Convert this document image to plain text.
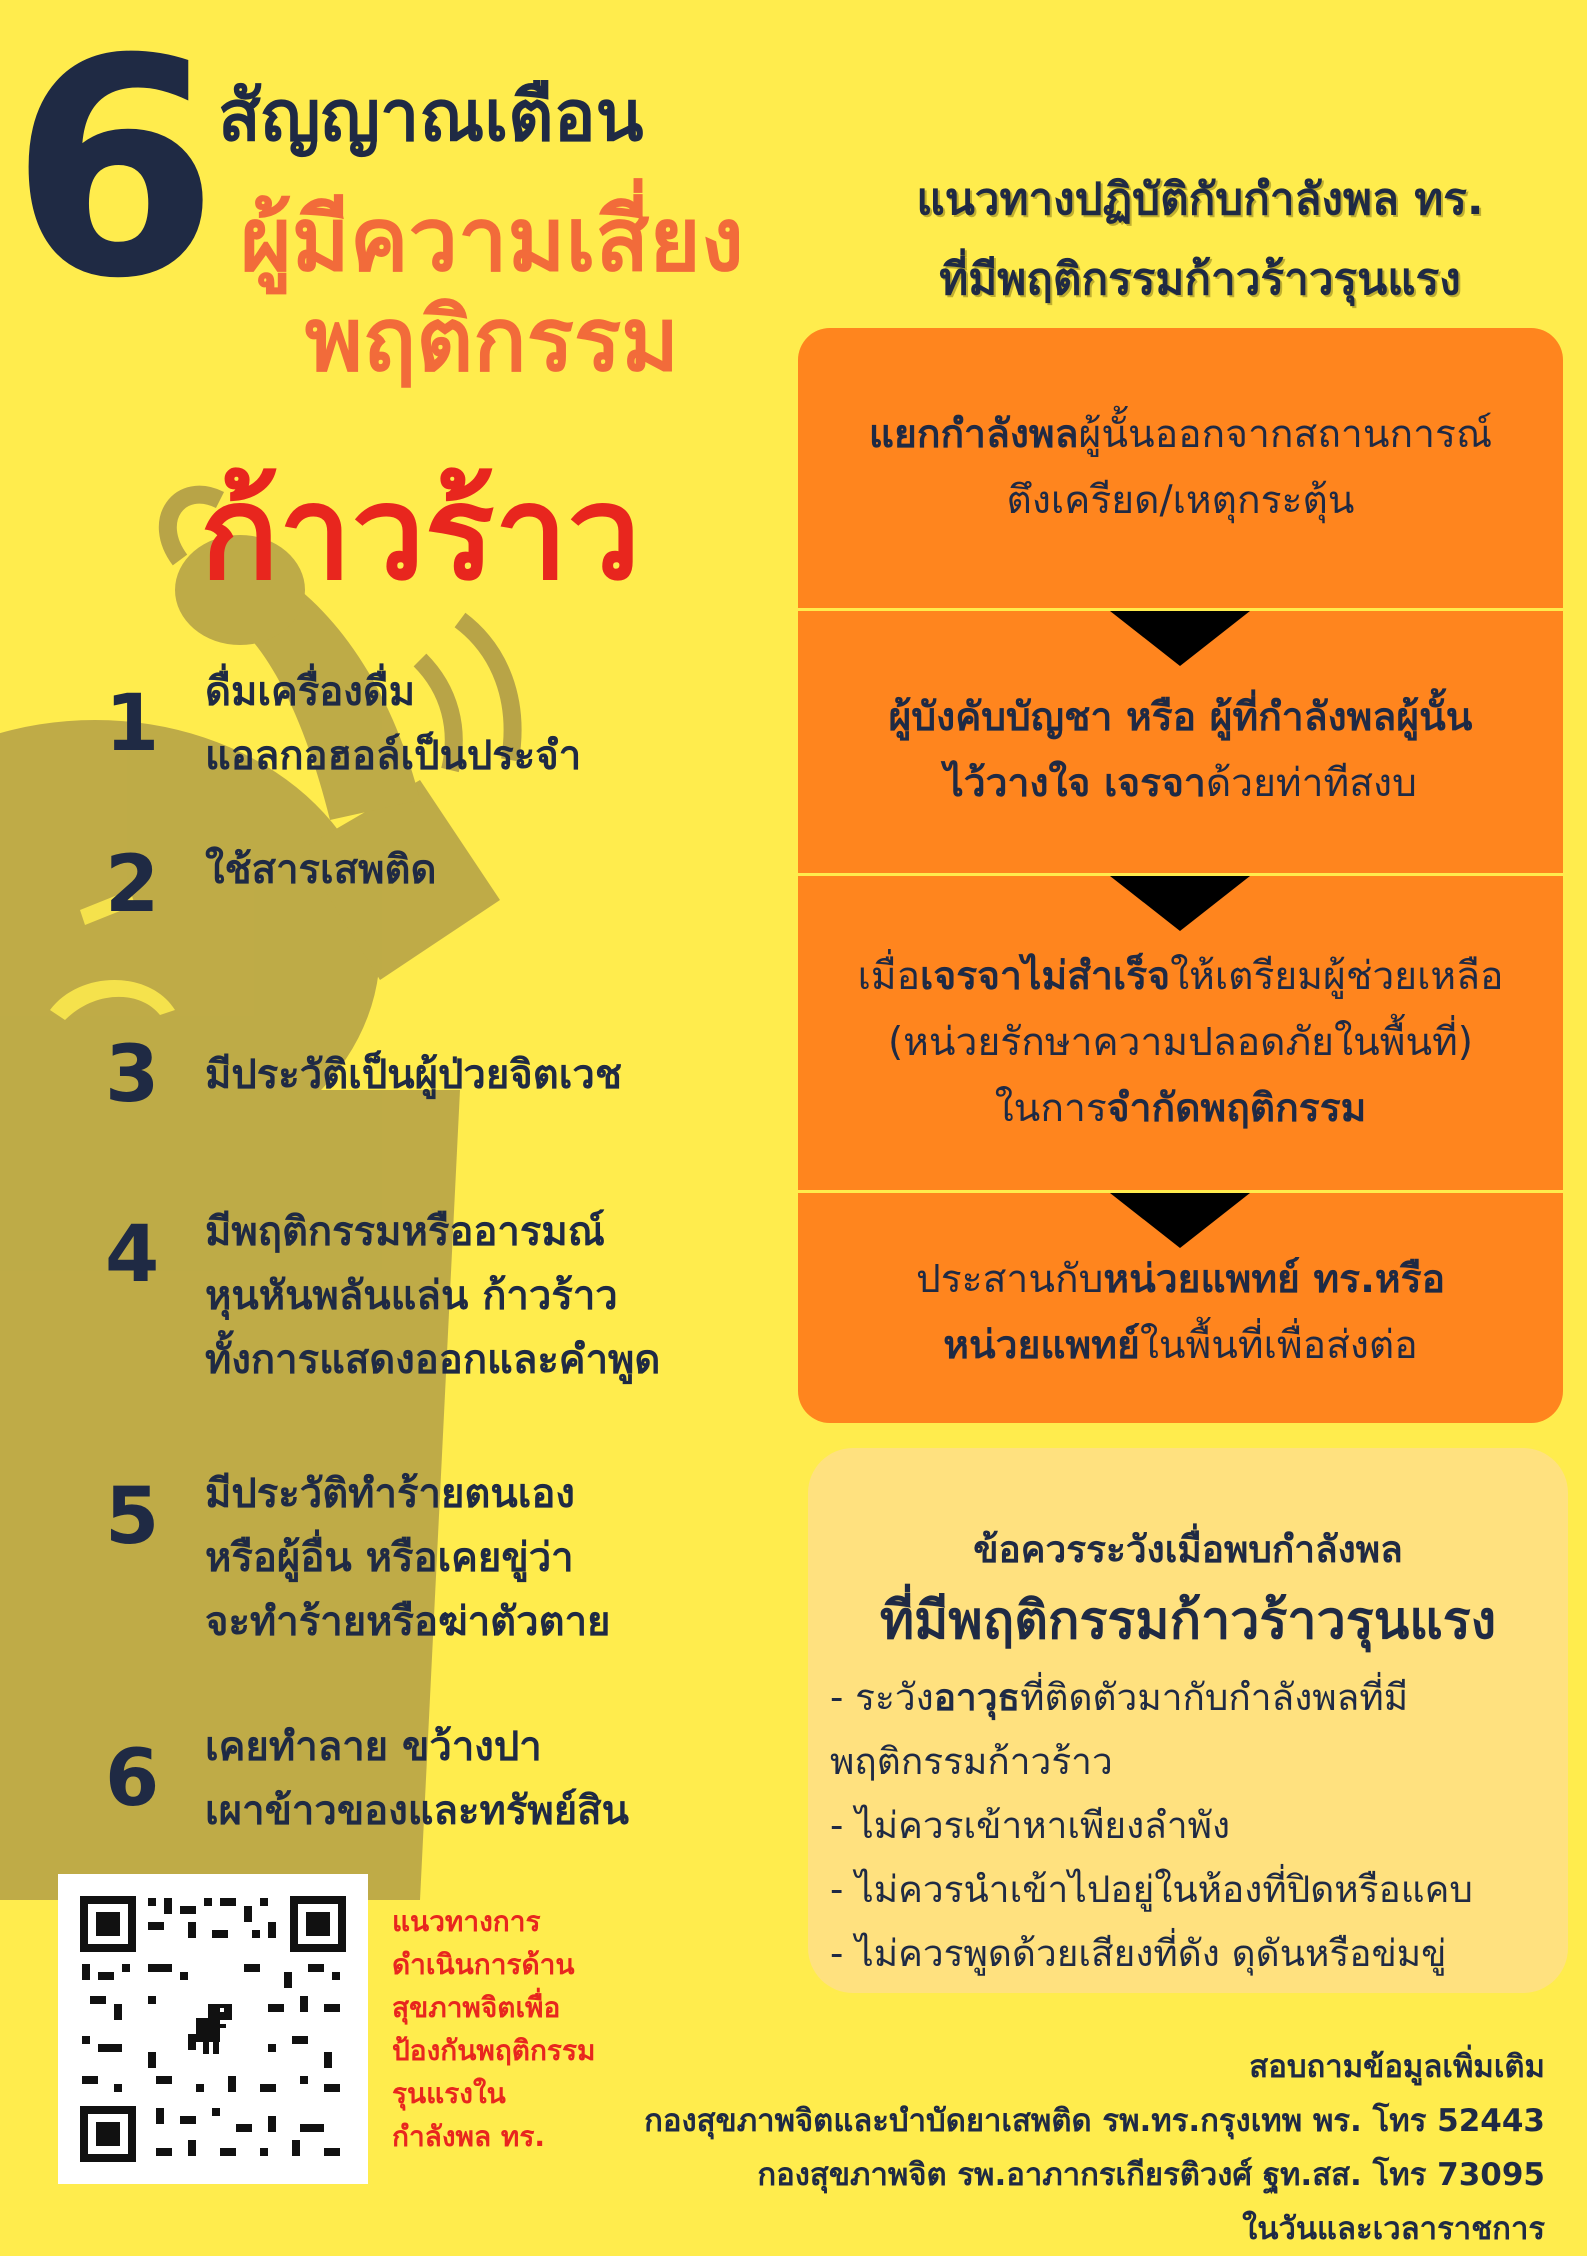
6 สัญญาณเตือน
ผู้มีความเสี่ยง
พฤติกรรม
ก้าวร้าว
1	ดื่มเครื่องดื่ม
แอลกอฮอล์เป็นประจำ
2	ใช้สารเสพติด
3	มีประวัติเป็นผู้ป่วยจิตเวช
4	มีพฤติกรรมหรืออารมณ์
หุนหันพลันแล่น ก้าวร้าว
ทั้งการแสดงออกและคำพูด
5	มีประวัติทำร้ายตนเอง
หรือผู้อื่น หรือเคยขู่ว่า
จะทำร้ายหรือฆ่าตัวตาย
6	เคยทำลาย ขว้างปา
เผาข้าวของและทรัพย์สิน
แนวทางปฏิบัติกับกำลังพล ทร.
ที่มีพฤติกรรมก้าวร้าวรุนแรง
แยกกำลังพลผู้นั้นออกจากสถานการณ์
ตึงเครียด/เหตุกระตุ้น
ผู้บังคับบัญชา หรือ ผู้ที่กำลังพลผู้นั้น
ไว้วางใจ เจรจาด้วยท่าทีสงบ
เมื่อเจรจาไม่สำเร็จให้เตรียมผู้ช่วยเหลือ
(หน่วยรักษาความปลอดภัยในพื้นที่)
ในการจำกัดพฤติกรรม
ประสานกับหน่วยแพทย์ ทร.หรือ
หน่วยแพทย์ในพื้นที่เพื่อส่งต่อ
ข้อควรระวังเมื่อพบกำลังพล
ที่มีพฤติกรรมก้าวร้าวรุนแรง
- ระวังอาวุธที่ติดตัวมากับกำลังพลที่มี
พฤติกรรมก้าวร้าว
- ไม่ควรเข้าหาเพียงลำพัง
- ไม่ควรนำเข้าไปอยู่ในห้องที่ปิดหรือแคบ
- ไม่ควรพูดด้วยเสียงที่ดัง ดุดันหรือข่มขู่
แนวทางการ
ดำเนินการด้าน
สุขภาพจิตเพื่อ
ป้องกันพฤติกรรม
รุนแรงใน
กำลังพล ทร.
สอบถามข้อมูลเพิ่มเติม
กองสุขภาพจิตและบำบัดยาเสพติด รพ.ทร.กรุงเทพ พร. โทร 52443
กองสุขภาพจิต รพ.อาภากรเกียรติวงศ์ ฐท.สส. โทร 73095
ในวันและเวลาราชการ
